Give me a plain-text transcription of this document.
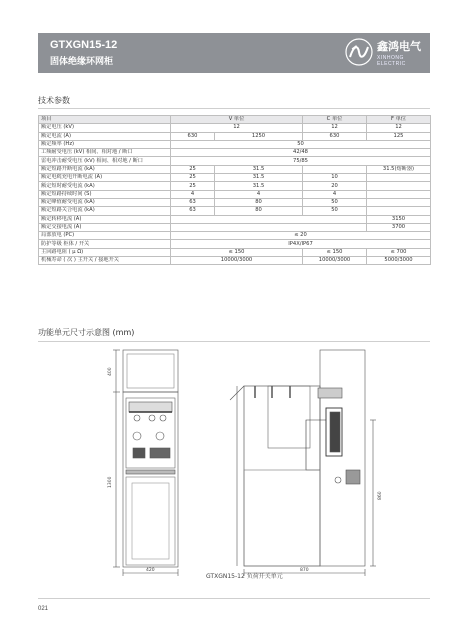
GTXGN15-12
固体绝缘环网柜
鑫鸿电气
XINHONG ELECTRIC
技术参数
项目	V 单位		C 单位	F 单位
额定电压 (kV)	12		12	12
额定电流 (A)	630	1250	630	125
额定频率 (Hz)	50			
工频耐受电压 (kV) 相间、相对地 / 断口	42/48			
雷电冲击耐受电压 (kV) 相间、相对地 / 断口	75/85			
额定短路开断电流 (kA)	25	31.5		31.5(熔断器)
额定电缆充电开断电流 (A)	25	31.5	10	
额定短时耐受电流 (kA)	25	31.5	20	
额定短路持续时间 (S)	4	4	4	
额定峰值耐受电流 (kA)	63	80	50	
额定短路关合电流 (kA)	63	80	50	
额定转移电流 (A)				3150
额定交接电流 (A)				3700
局部放电 (PC)	≤ 20			
防护等级 柜体 / 开关	IP4X/IP67			
主回路电阻 ( μ Ω)	≤ 150		≤ 150	≤ 700
机械寿命 ( 次 ) 主开关 / 接地开关	10000/3000		10000/3000	5000/3000
功能单元尺寸示意图 (mm)
400
1300
420	870
860
GTXGN15-12 负荷开关单元
021
